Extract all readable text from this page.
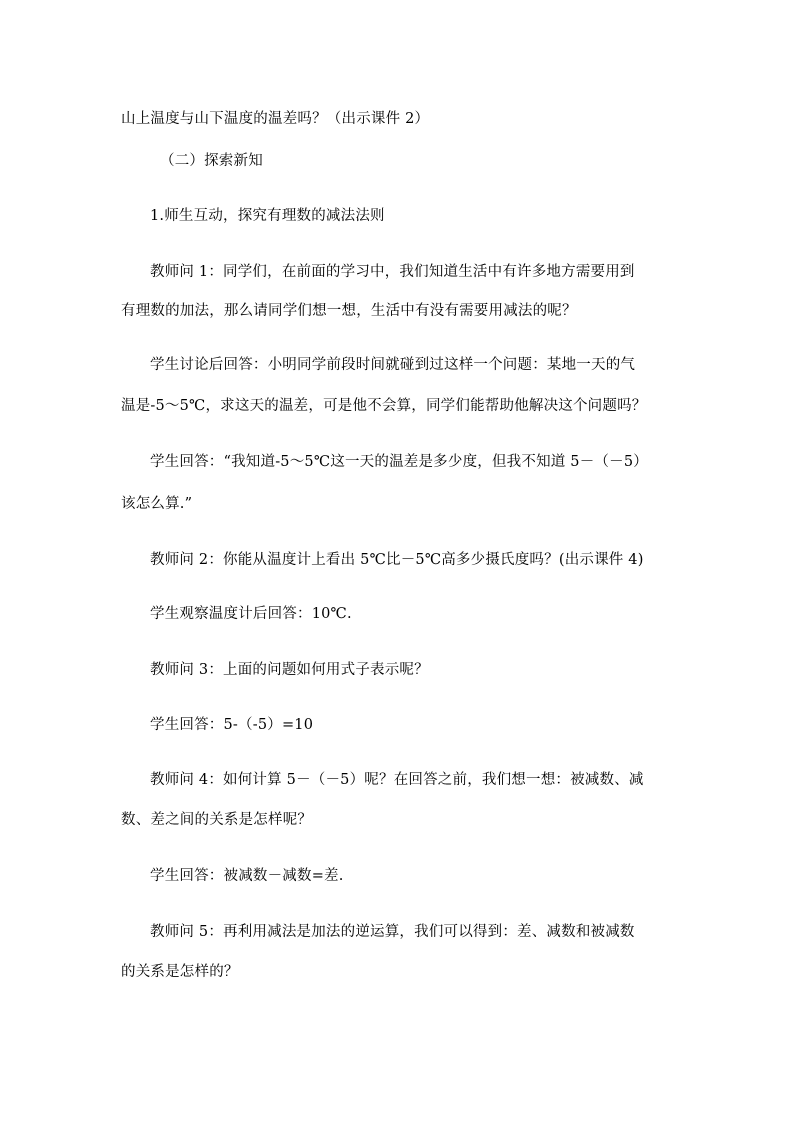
山上温度与山下温度的温差吗？（出示课件 2）
（二）探索新知
1.师生互动，探究有理数的减法法则
教师问 1：同学们，在前面的学习中，我们知道生活中有许多地方需要用到
有理数的加法，那么请同学们想一想，生活中有没有需要用减法的呢？
学生讨论后回答：小明同学前段时间就碰到过这样一个问题：某地一天的气
温是-5～5℃，求这天的温差，可是他不会算，同学们能帮助他解决这个问题吗？
学生回答：“我知道-5～5℃这一天的温差是多少度，但我不知道 5－（－5）
该怎么算.”
教师问 2：你能从温度计上看出 5℃比－5℃高多少摄氏度吗？(出示课件 4)
学生观察温度计后回答：10℃.
教师问 3：上面的问题如何用式子表示呢？
学生回答：5-（-5）=10
教师问 4：如何计算 5－（－5）呢？在回答之前，我们想一想：被减数、减
数、差之间的关系是怎样呢？
学生回答：被减数－减数=差.
教师问 5：再利用减法是加法的逆运算，我们可以得到：差、减数和被减数
的关系是怎样的？
